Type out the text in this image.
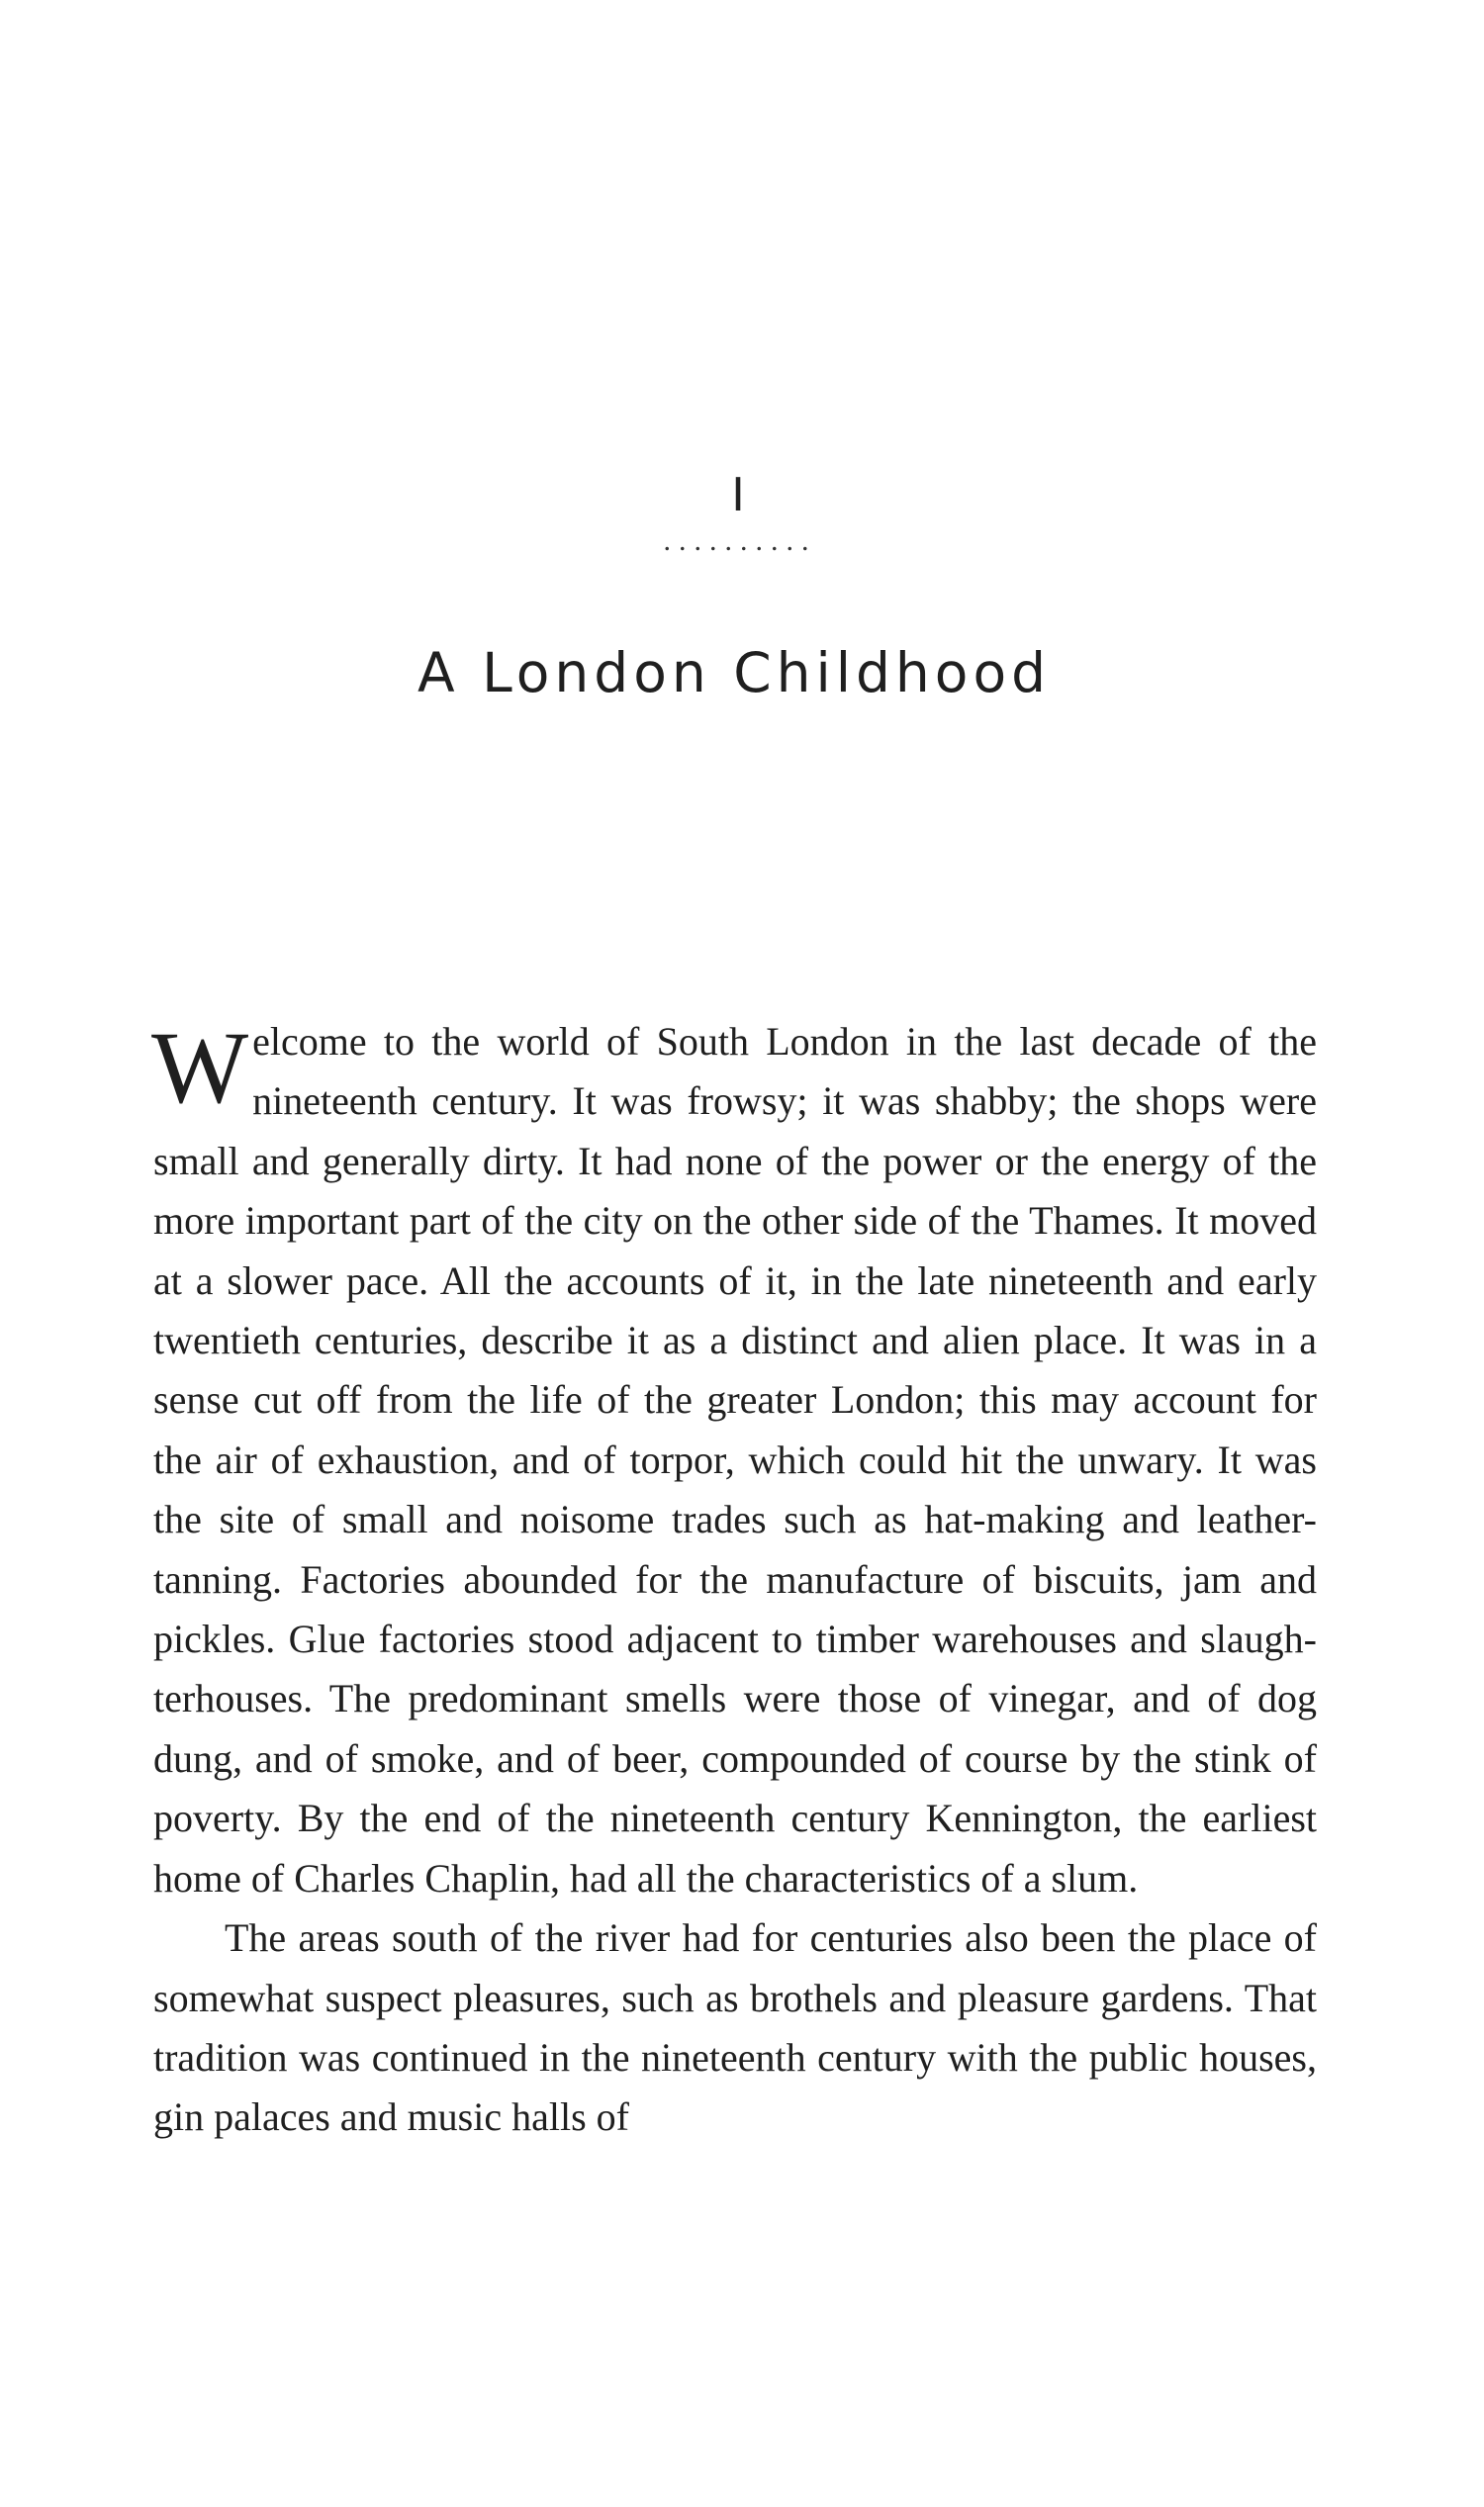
I
..........
A London Childhood

Welcome to the world of South London in the last decade of the nineteenth century. It was frowsy; it was shabby; the shops were small and generally dirty. It had none of the power or the energy of the more important part of the city on the other side of the Thames. It moved at a slower pace. All the accounts of it, in the late nineteenth and early twentieth centuries, describe it as a distinct and alien place. It was in a sense cut off from the life of the greater London; this may account for the air of exhaustion, and of torpor, which could hit the unwary. It was the site of small and noisome trades such as hat-making and leather-tanning. Factories abounded for the manufacture of biscuits, jam and pickles. Glue factories stood adjacent to timber warehouses and slaughterhouses. The predominant smells were those of vinegar, and of dog dung, and of smoke, and of beer, compounded of course by the stink of poverty. By the end of the nineteenth century Kennington, the earliest home of Charles Chaplin, had all the characteristics of a slum.

The areas south of the river had for centuries also been the place of somewhat suspect pleasures, such as brothels and pleasure gardens. That tradition was continued in the nineteenth century with the public houses, gin palaces and music halls of
